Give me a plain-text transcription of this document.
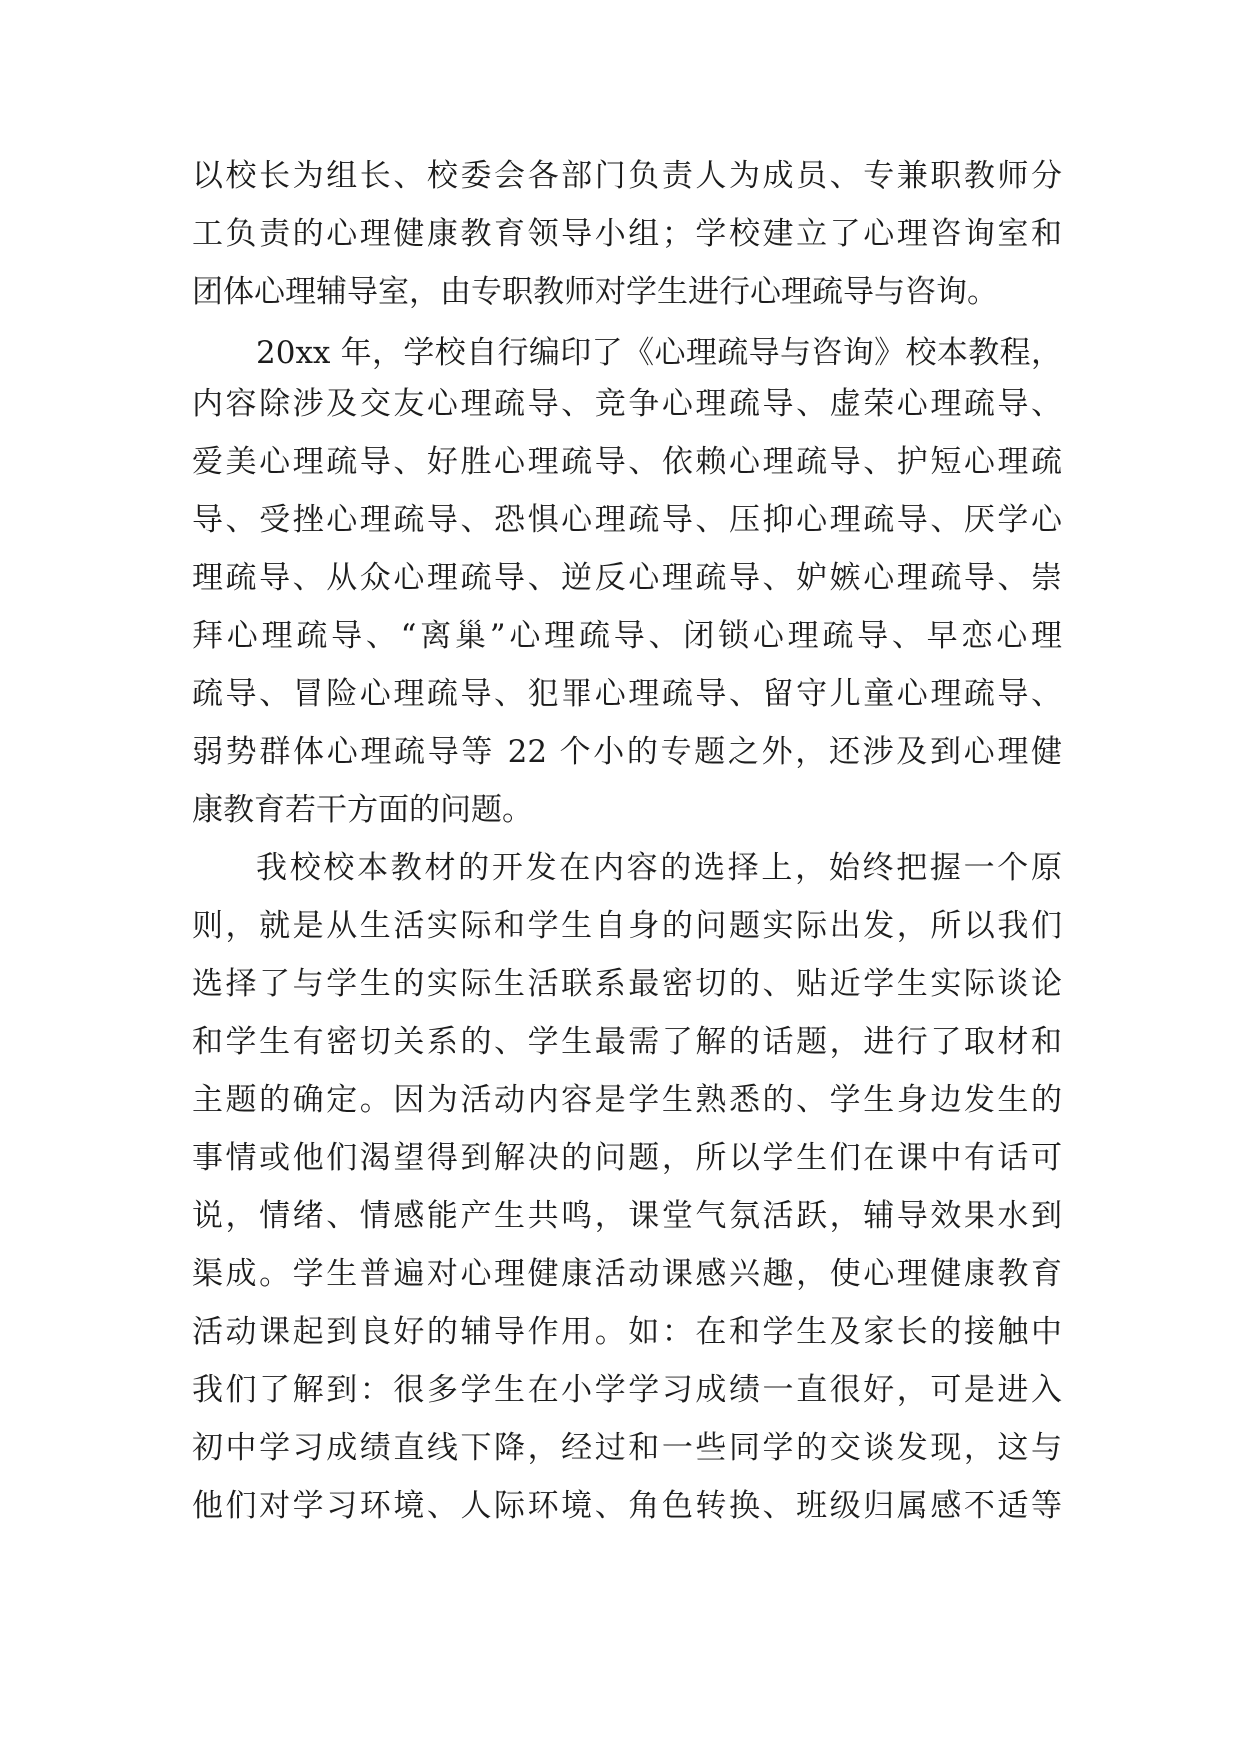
以校长为组长、校委会各部门负责人为成员、专兼职教师分
工负责的心理健康教育领导小组；学校建立了心理咨询室和
团体心理辅导室，由专职教师对学生进行心理疏导与咨询。
20xx 年，学校自行编印了《心理疏导与咨询》校本教程，
内容除涉及交友心理疏导、竞争心理疏导、虚荣心理疏导、
爱美心理疏导、好胜心理疏导、依赖心理疏导、护短心理疏
导、受挫心理疏导、恐惧心理疏导、压抑心理疏导、厌学心
理疏导、从众心理疏导、逆反心理疏导、妒嫉心理疏导、崇
拜心理疏导、“离巢”心理疏导、闭锁心理疏导、早恋心理
疏导、冒险心理疏导、犯罪心理疏导、留守儿童心理疏导、
弱势群体心理疏导等 22 个小的专题之外，还涉及到心理健
康教育若干方面的问题。
我校校本教材的开发在内容的选择上，始终把握一个原
则，就是从生活实际和学生自身的问题实际出发，所以我们
选择了与学生的实际生活联系最密切的、贴近学生实际谈论
和学生有密切关系的、学生最需了解的话题，进行了取材和
主题的确定。因为活动内容是学生熟悉的、学生身边发生的
事情或他们渴望得到解决的问题，所以学生们在课中有话可
说，情绪、情感能产生共鸣，课堂气氛活跃，辅导效果水到
渠成。学生普遍对心理健康活动课感兴趣，使心理健康教育
活动课起到良好的辅导作用。如：在和学生及家长的接触中
我们了解到：很多学生在小学学习成绩一直很好，可是进入
初中学习成绩直线下降，经过和一些同学的交谈发现，这与
他们对学习环境、人际环境、角色转换、班级归属感不适等
